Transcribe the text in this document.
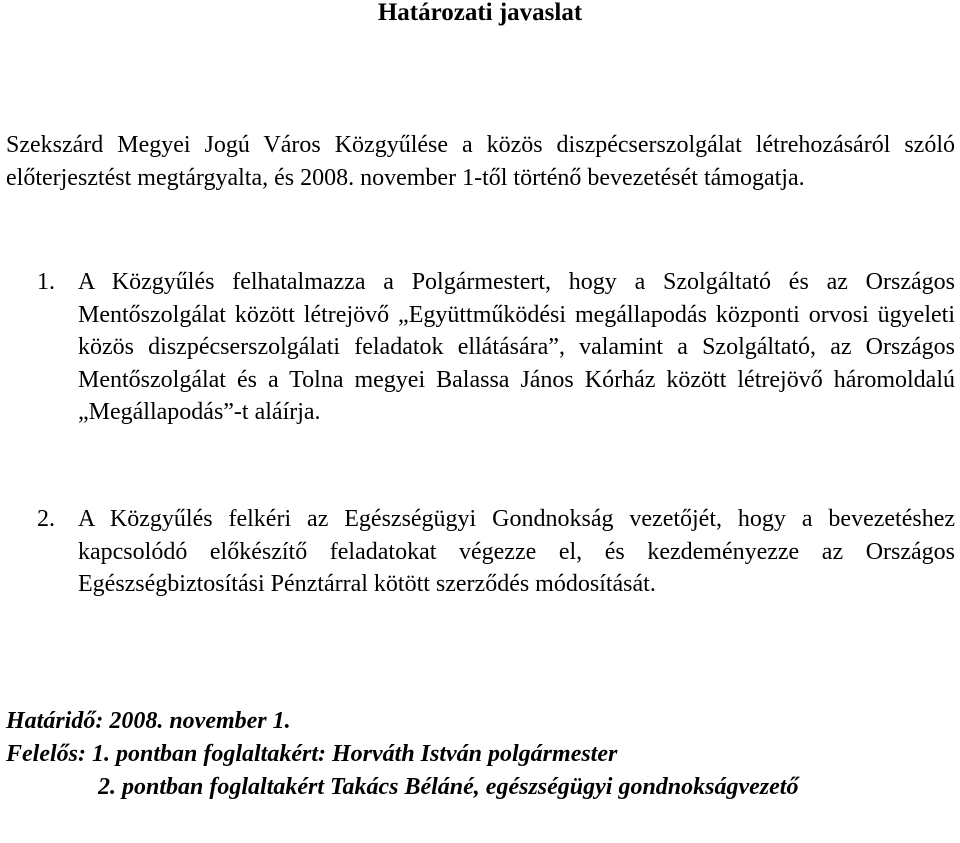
Határozati javaslat
Szekszárd Megyei Jogú Város Közgyűlése a közös diszpécserszolgálat létrehozásáról szóló előterjesztést megtárgyalta, és 2008. november 1-től történő bevezetését támogatja.
1. A Közgyűlés felhatalmazza a Polgármestert, hogy a Szolgáltató és az Országos Mentőszolgálat között létrejövő „Együttműködési megállapodás központi orvosi ügyeleti közös diszpécserszolgálati feladatok ellátására”, valamint a Szolgáltató, az Országos Mentőszolgálat és a Tolna megyei Balassa János Kórház között létrejövő háromoldalú „Megállapodás”-t aláírja.
2. A Közgyűlés felkéri az Egészségügyi Gondnokság vezetőjét, hogy a bevezetéshez kapcsolódó előkészítő feladatokat végezze el, és kezdeményezze az Országos Egészségbiztosítási Pénztárral kötött szerződés módosítását.
Határidő: 2008. november 1.
Felelős: 1. pontban foglaltakért: Horváth István polgármester
2. pontban foglaltakért Takács Béláné, egészségügyi gondnokságvezető
